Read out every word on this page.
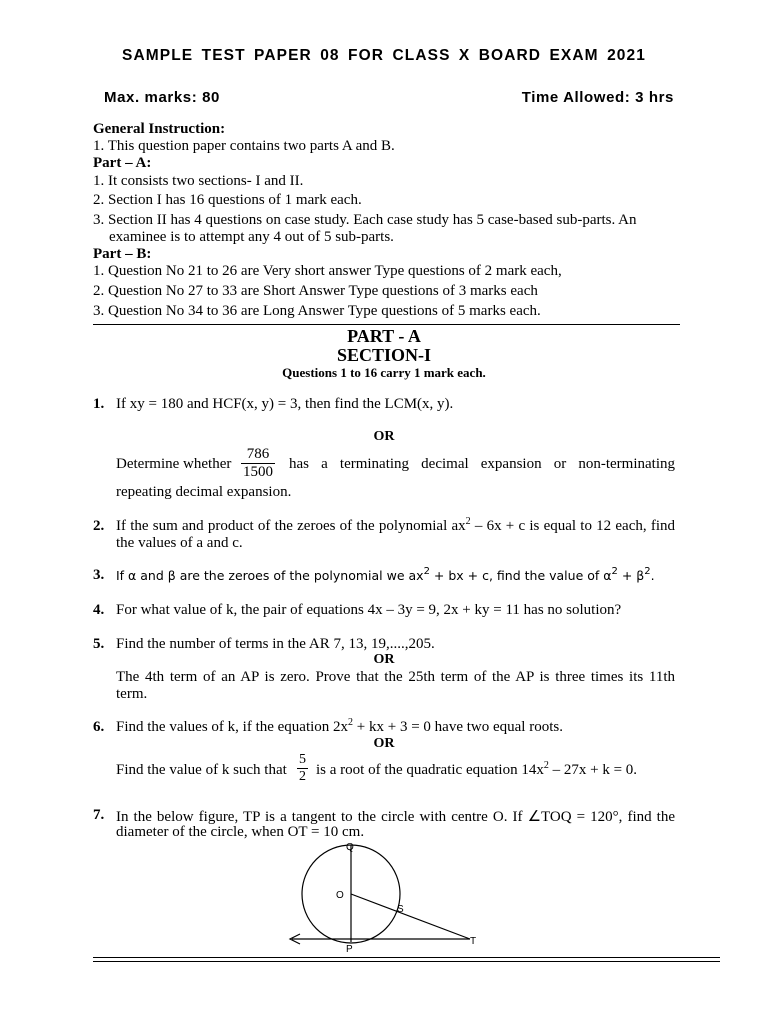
SAMPLE TEST PAPER 08 FOR CLASS X BOARD EXAM 2021
Max. marks: 80	Time Allowed: 3 hrs
General Instruction:
1. This question paper contains two parts A and B.
Part – A:
1. It consists two sections- I and II.
2. Section I has 16 questions of 1 mark each.
3. Section II has 4 questions on case study. Each case study has 5 case-based sub-parts. An
examinee is to attempt any 4 out of 5 sub-parts.
Part – B:
1. Question No 21 to 26 are Very short answer Type questions of 2 mark each,
2. Question No 27 to 33 are Short Answer Type questions of 3 marks each
3. Question No 34 to 36 are Long Answer Type questions of 5 marks each.
PART - A
SECTION-I
Questions 1 to 16 carry 1 mark each.
1. If xy = 180 and HCF(x, y) = 3, then find the LCM(x, y).
OR
Determine whether $\frac{786}{1500}$ has a terminating decimal expansion or non-terminating
repeating decimal expansion.
2. If the sum and product of the zeroes of the polynomial $ax^2 - 6x + c$ is equal to 12 each, find
the values of a and c.
3. If α and β are the zeroes of the polynomial we $ax^2$ + bx + c, find the value of $\alpha^2 + \beta^2$.
4. For what value of k, the pair of equations 4x – 3y = 9, 2x + ky = 11 has no solution?
5. Find the number of terms in the AR 7, 13, 19,....,205.
OR
The 4th term of an AP is zero. Prove that the 25th term of the AP is three times its 11th
term.
6. Find the values of k, if the equation $2x^2$ + kx + 3 = 0 have two equal roots.
OR
Find the value of k such that $\frac{5}{2}$ is a root of the quadratic equation $14x^2 - 27x + k = 0$.
7. In the below figure, TP is a tangent to the circle with centre O. If ∠TOQ = 120°, find the
diameter of the circle, when OT = 10 cm.
Q
O
S
P
T
